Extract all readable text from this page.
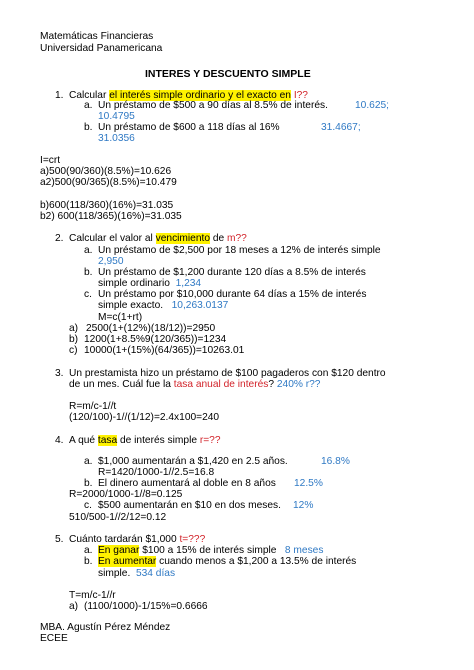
Matemáticas Financieras
Universidad Panamericana
INTERES Y DESCUENTO SIMPLE
1. Calcular el interés simple ordinario y el exacto en I??
a. Un préstamo de $500 a 90 días al 8.5% de interés.	10.625;
10.4795
b. Un préstamo de $600 a 118 días al 16%	31.4667;
31.0356
I=crt
a)500(90/360)(8.5%)=10.626
a2)500(90/365)(8.5%)=10.479
b)600(118/360)(16%)=31.035
b2) 600(118/365)(16%)=31.035
2. Calcular el valor al vencimiento de m??
a. Un préstamo de $2,500 por 18 meses a 12% de interés simple
2,950
b. Un préstamo de $1,200 durante 120 días a 8.5% de interés
simple ordinario 1,234
c. Un préstamo por $10,000 durante 64 días a 15% de interés
simple exacto. 10,263.0137
M=c(1+rt)
a) 2500(1+(12%)(18/12))=2950
b) 1200(1+8.5%9(120/365))=1234
c) 10000(1+(15%)(64/365))=10263.01
3. Un prestamista hizo un préstamo de $100 pagaderos con $120 dentro
de un mes. Cuál fue la tasa anual de interés? 240% r??
R=m/c-1//t
(120/100)-1//(1/12)=2.4x100=240
4. A qué tasa de interés simple r=??
a. $1,000 aumentarán a $1,420 en 2.5 años.	16.8%
R=1420/1000-1//2.5=16.8
b. El dinero aumentará al doble en 8 años 12.5%
R=2000/1000-1//8=0.125
c. $500 aumentarán en $10 en dos meses. 12%
510/500-1//2/12=0.12
5. Cuánto tardarán $1,000 t=???
a. En ganar $100 a 15% de interés simple 8 meses
b. En aumentar cuando menos a $1,200 a 13.5% de interés
simple. 534 días
T=m/c-1//r
a) (1100/1000)-1/15%=0.6666
MBA. Agustín Pérez Méndez
ECEE
